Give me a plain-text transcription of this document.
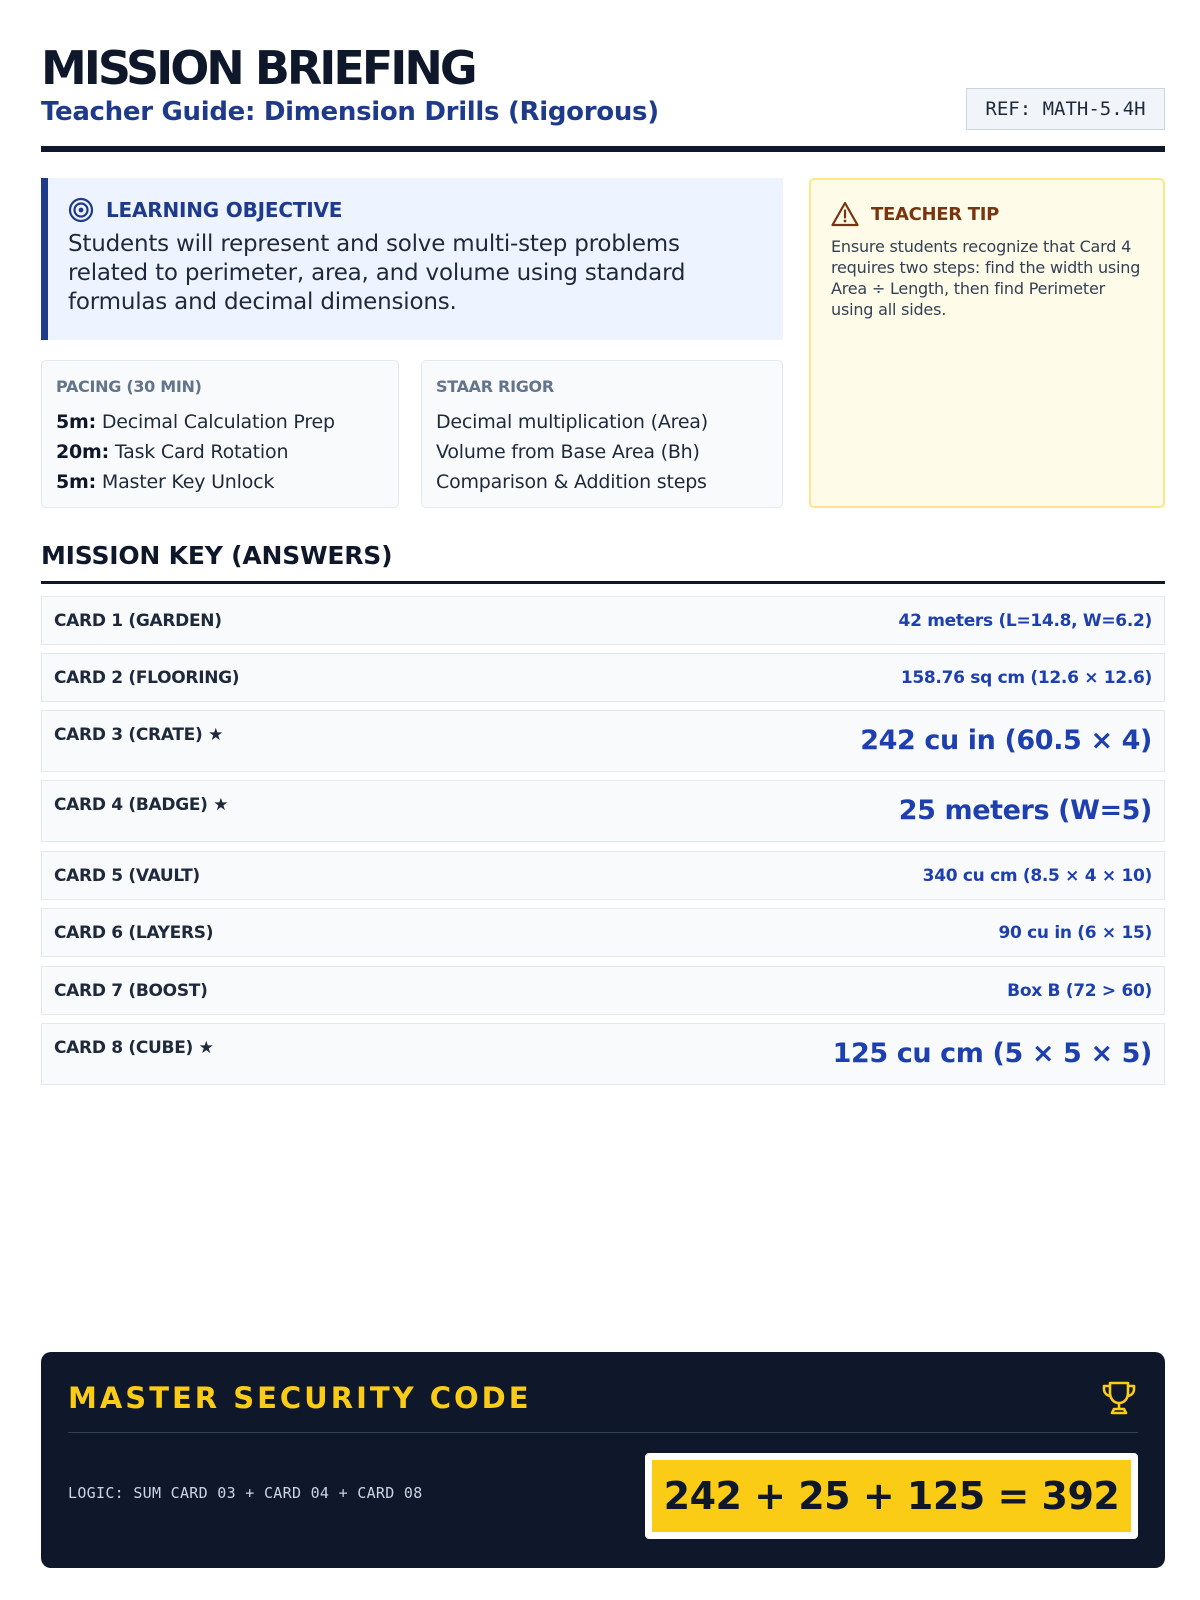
MISSION BRIEFING
Teacher Guide: Dimension Drills (Rigorous)	REF: MATH-5.4H
LEARNING OBJECTIVE
Students will represent and solve multi-step problems related to perimeter, area, and volume using standard formulas and decimal dimensions.
TEACHER TIP
Ensure students recognize that Card 4 requires two steps: find the width using Area ÷ Length, then find Perimeter using all sides.
PACING (30 MIN)
5m: Decimal Calculation Prep
20m: Task Card Rotation
5m: Master Key Unlock
STAAR RIGOR
Decimal multiplication (Area)
Volume from Base Area (Bh)
Comparison & Addition steps
MISSION KEY (ANSWERS)
CARD 1 (GARDEN)	42 meters (L=14.8, W=6.2)
CARD 2 (FLOORING)	158.76 sq cm (12.6 × 12.6)
CARD 3 (CRATE) ★	242 cu in (60.5 × 4)
CARD 4 (BADGE) ★	25 meters (W=5)
CARD 5 (VAULT)	340 cu cm (8.5 × 4 × 10)
CARD 6 (LAYERS)	90 cu in (6 × 15)
CARD 7 (BOOST)	Box B (72 > 60)
CARD 8 (CUBE) ★	125 cu cm (5 × 5 × 5)
MASTER SECURITY CODE
LOGIC: SUM CARD 03 + CARD 04 + CARD 08	242 + 25 + 125 = 392
